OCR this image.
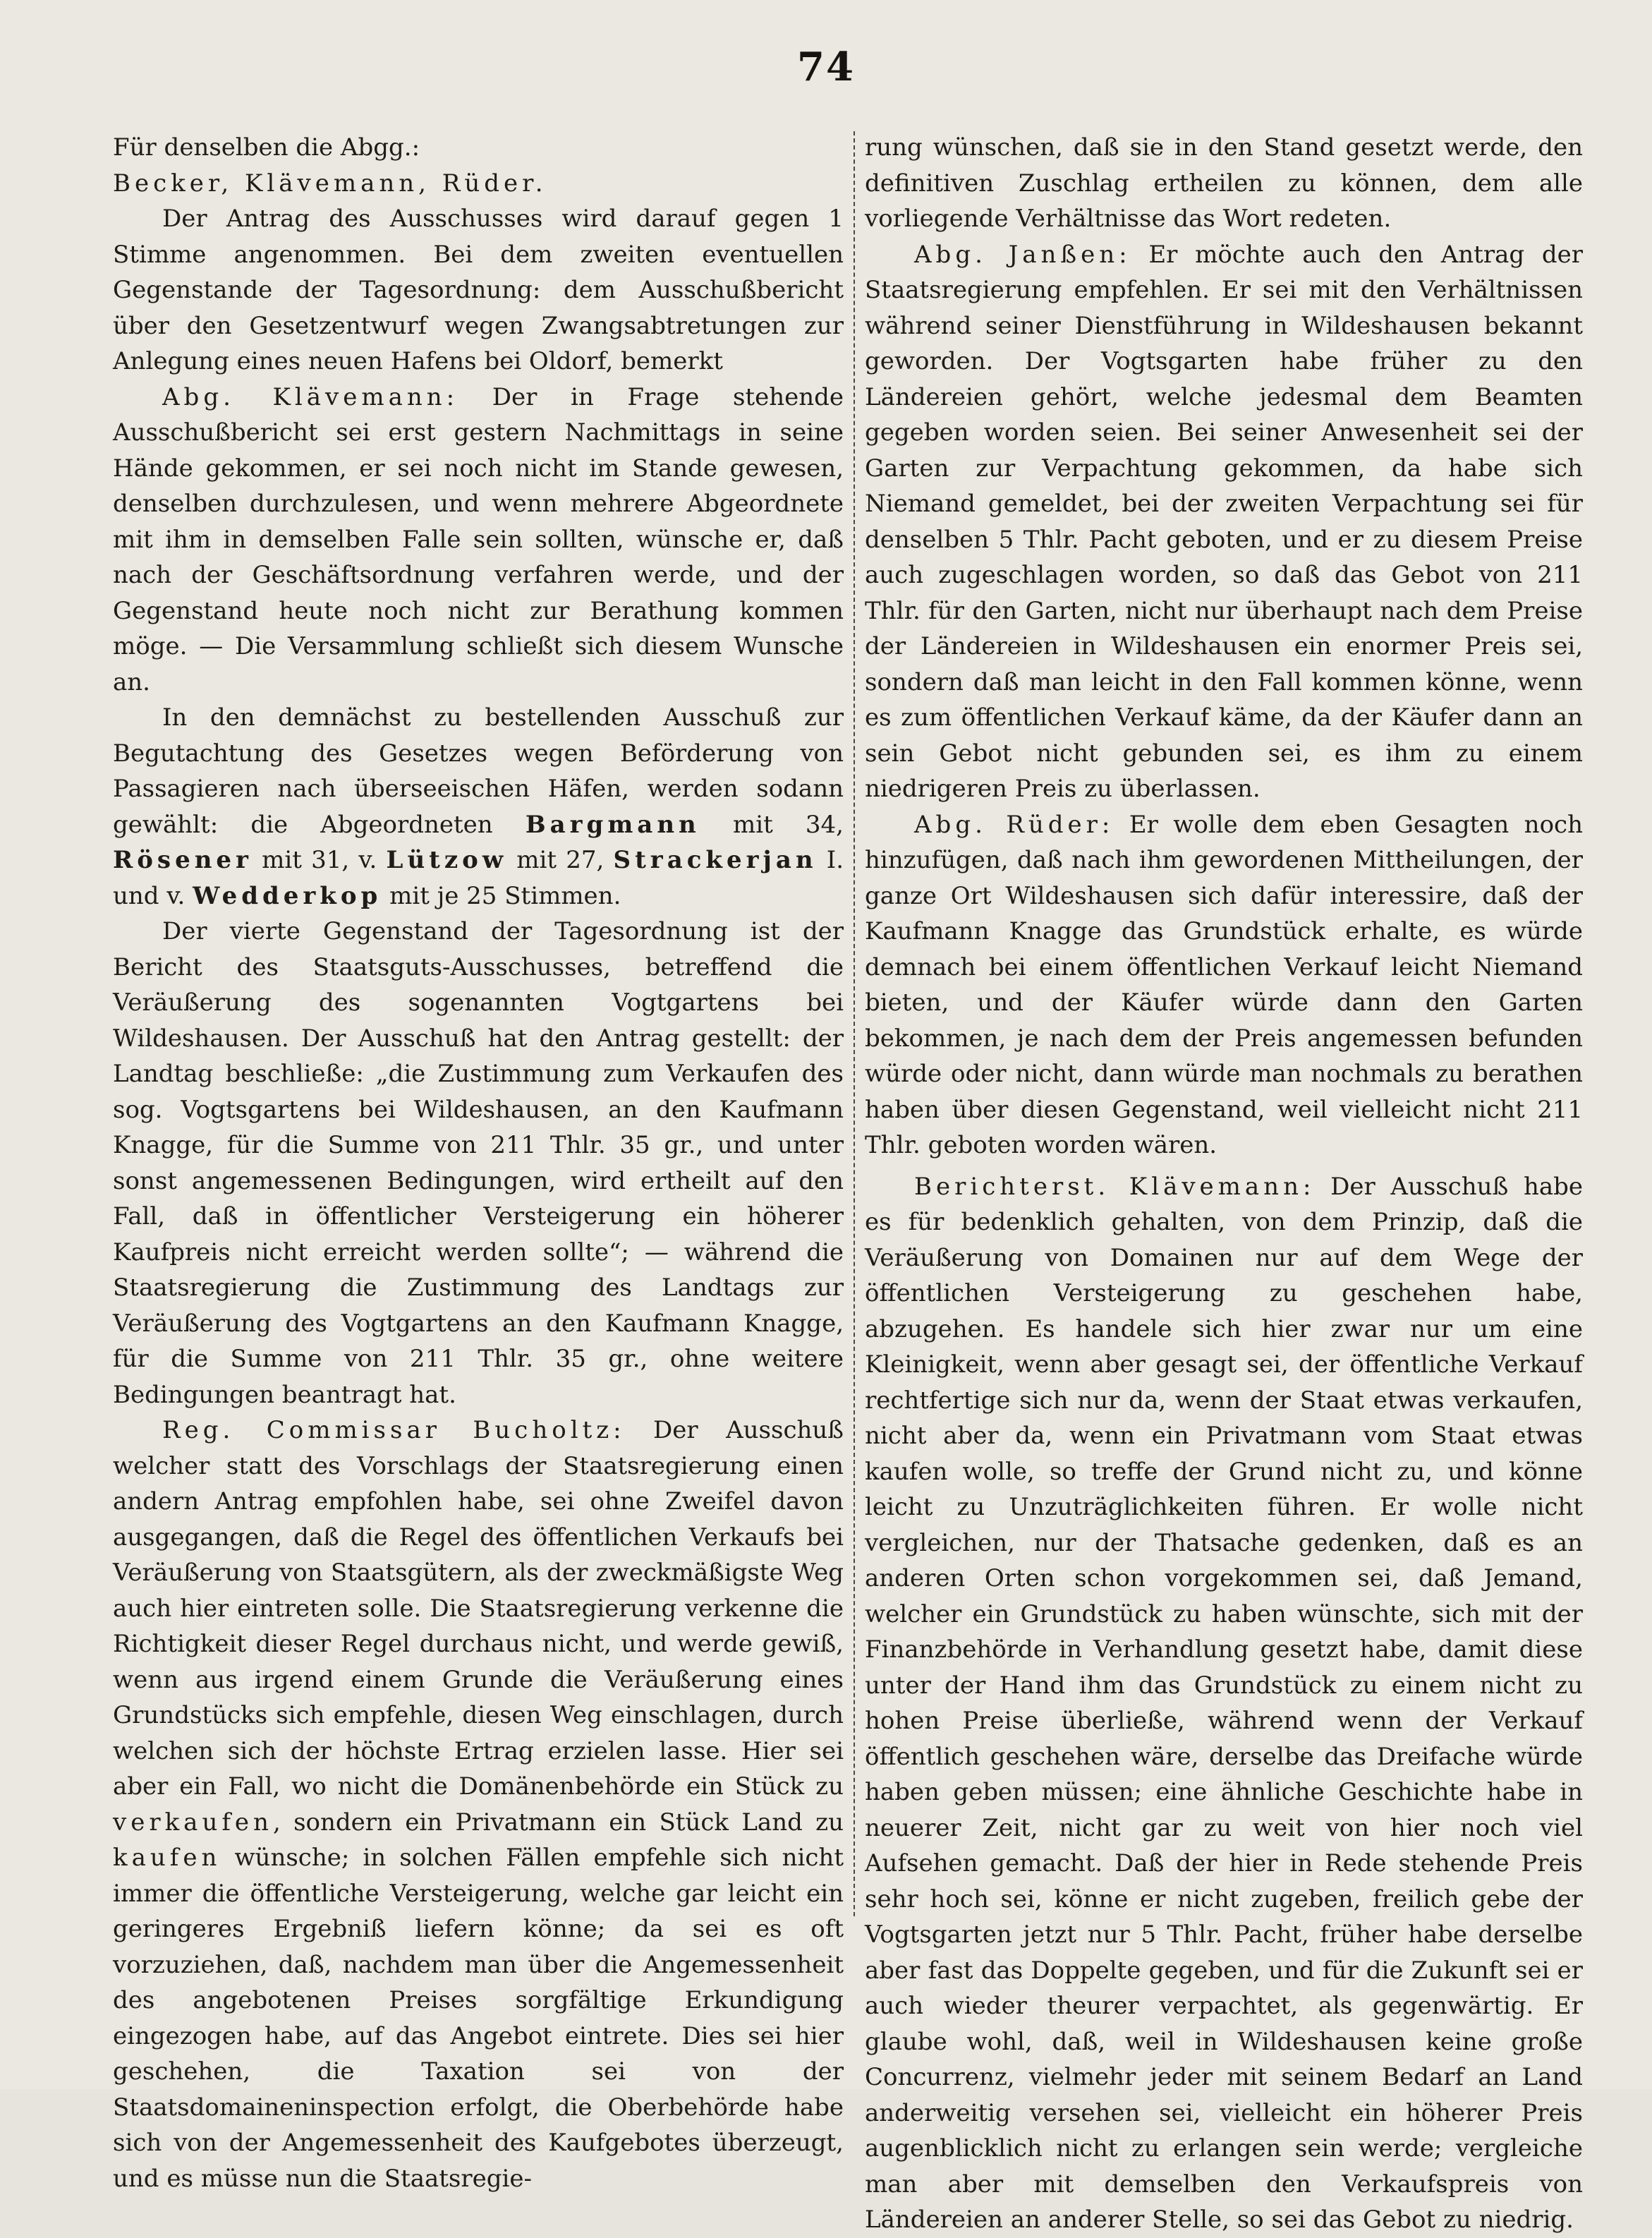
74

Für denselben die Abgg.:

Becker, Klävemann, Rüder.

Der Antrag des Ausschusses wird darauf gegen 1 Stimme angenommen. Bei dem zweiten eventuellen Gegenstande der Tagesordnung: dem Ausschußbericht über den Gesetzentwurf wegen Zwangsabtretungen zur Anlegung eines neuen Hafens bei Oldorf, bemerkt

Abg. Klävemann: Der in Frage stehende Ausschußbericht sei erst gestern Nachmittags in seine Hände gekommen, er sei noch nicht im Stande gewesen, denselben durchzulesen, und wenn mehrere Abgeordnete mit ihm in demselben Falle sein sollten, wünsche er, daß nach der Geschäftsordnung verfahren werde, und der Gegenstand heute noch nicht zur Berathung kommen möge. — Die Versammlung schließt sich diesem Wunsche an.

In den demnächst zu bestellenden Ausschuß zur Begutachtung des Gesetzes wegen Beförderung von Passagieren nach überseeischen Häfen, werden sodann gewählt: die Abgeordneten Bargmann mit 34, Rösener mit 31, v. Lützow mit 27, Strackerjan I. und v. Wedderkop mit je 25 Stimmen.

Der vierte Gegenstand der Tagesordnung ist der Bericht des Staatsguts-Ausschusses, betreffend die Veräußerung des sogenannten Vogtgartens bei Wildeshausen. Der Ausschuß hat den Antrag gestellt: der Landtag beschließe: „die Zustimmung zum Verkaufen des sog. Vogtsgartens bei Wildeshausen, an den Kaufmann Knagge, für die Summe von 211 Thlr. 35 gr., und unter sonst angemessenen Bedingungen, wird ertheilt auf den Fall, daß in öffentlicher Versteigerung ein höherer Kaufpreis nicht erreicht werden sollte“; — während die Staatsregierung die Zustimmung des Landtags zur Veräußerung des Vogtgartens an den Kaufmann Knagge, für die Summe von 211 Thlr. 35 gr., ohne weitere Bedingungen beantragt hat.

Reg. Commissar Bucholtz: Der Ausschuß welcher statt des Vorschlags der Staatsregierung einen andern Antrag empfohlen habe, sei ohne Zweifel davon ausgegangen, daß die Regel des öffentlichen Verkaufs bei Veräußerung von Staatsgütern, als der zweckmäßigste Weg auch hier eintreten solle. Die Staatsregierung verkenne die Richtigkeit dieser Regel durchaus nicht, und werde gewiß, wenn aus irgend einem Grunde die Veräußerung eines Grundstücks sich empfehle, diesen Weg einschlagen, durch welchen sich der höchste Ertrag erzielen lasse. Hier sei aber ein Fall, wo nicht die Domänenbehörde ein Stück zu verkaufen, sondern ein Privatmann ein Stück Land zu kaufen wünsche; in solchen Fällen empfehle sich nicht immer die öffentliche Versteigerung, welche gar leicht ein geringeres Ergebniß liefern könne; da sei es oft vorzuziehen, daß, nachdem man über die Angemessenheit des angebotenen Preises sorgfältige Erkundigung eingezogen habe, auf das Angebot eintrete. Dies sei hier geschehen, die Taxation sei von der Staatsdomaineninspection erfolgt, die Oberbehörde habe sich von der Angemessenheit des Kaufgebotes überzeugt, und es müsse nun die Staatsregie-

rung wünschen, daß sie in den Stand gesetzt werde, den definitiven Zuschlag ertheilen zu können, dem alle vorliegende Verhältnisse das Wort redeten.

Abg. Janßen: Er möchte auch den Antrag der Staatsregierung empfehlen. Er sei mit den Verhältnissen während seiner Dienstführung in Wildeshausen bekannt geworden. Der Vogtsgarten habe früher zu den Ländereien gehört, welche jedesmal dem Beamten gegeben worden seien. Bei seiner Anwesenheit sei der Garten zur Verpachtung gekommen, da habe sich Niemand gemeldet, bei der zweiten Verpachtung sei für denselben 5 Thlr. Pacht geboten, und er zu diesem Preise auch zugeschlagen worden, so daß das Gebot von 211 Thlr. für den Garten, nicht nur überhaupt nach dem Preise der Ländereien in Wildeshausen ein enormer Preis sei, sondern daß man leicht in den Fall kommen könne, wenn es zum öffentlichen Verkauf käme, da der Käufer dann an sein Gebot nicht gebunden sei, es ihm zu einem niedrigeren Preis zu überlassen.

Abg. Rüder: Er wolle dem eben Gesagten noch hinzufügen, daß nach ihm gewordenen Mittheilungen, der ganze Ort Wildeshausen sich dafür interessire, daß der Kaufmann Knagge das Grundstück erhalte, es würde demnach bei einem öffentlichen Verkauf leicht Niemand bieten, und der Käufer würde dann den Garten bekommen, je nach dem der Preis angemessen befunden würde oder nicht, dann würde man nochmals zu berathen haben über diesen Gegenstand, weil vielleicht nicht 211 Thlr. geboten worden wären.

Berichterst. Klävemann: Der Ausschuß habe es für bedenklich gehalten, von dem Prinzip, daß die Veräußerung von Domainen nur auf dem Wege der öffentlichen Versteigerung zu geschehen habe, abzugehen. Es handele sich hier zwar nur um eine Kleinigkeit, wenn aber gesagt sei, der öffentliche Verkauf rechtfertige sich nur da, wenn der Staat etwas verkaufen, nicht aber da, wenn ein Privatmann vom Staat etwas kaufen wolle, so treffe der Grund nicht zu, und könne leicht zu Unzuträglichkeiten führen. Er wolle nicht vergleichen, nur der Thatsache gedenken, daß es an anderen Orten schon vorgekommen sei, daß Jemand, welcher ein Grundstück zu haben wünschte, sich mit der Finanzbehörde in Verhandlung gesetzt habe, damit diese unter der Hand ihm das Grundstück zu einem nicht zu hohen Preise überließe, während wenn der Verkauf öffentlich geschehen wäre, derselbe das Dreifache würde haben geben müssen; eine ähnliche Geschichte habe in neuerer Zeit, nicht gar zu weit von hier noch viel Aufsehen gemacht. Daß der hier in Rede stehende Preis sehr hoch sei, könne er nicht zugeben, freilich gebe der Vogtsgarten jetzt nur 5 Thlr. Pacht, früher habe derselbe aber fast das Doppelte gegeben, und für die Zukunft sei er auch wieder theurer verpachtet, als gegenwärtig. Er glaube wohl, daß, weil in Wildeshausen keine große Concurrenz, vielmehr jeder mit seinem Bedarf an Land anderweitig versehen sei, vielleicht ein höherer Preis augenblicklich nicht zu erlangen sein werde; vergleiche man aber mit demselben den Verkaufspreis von Ländereien an anderer Stelle, so sei das Gebot zu niedrig.
